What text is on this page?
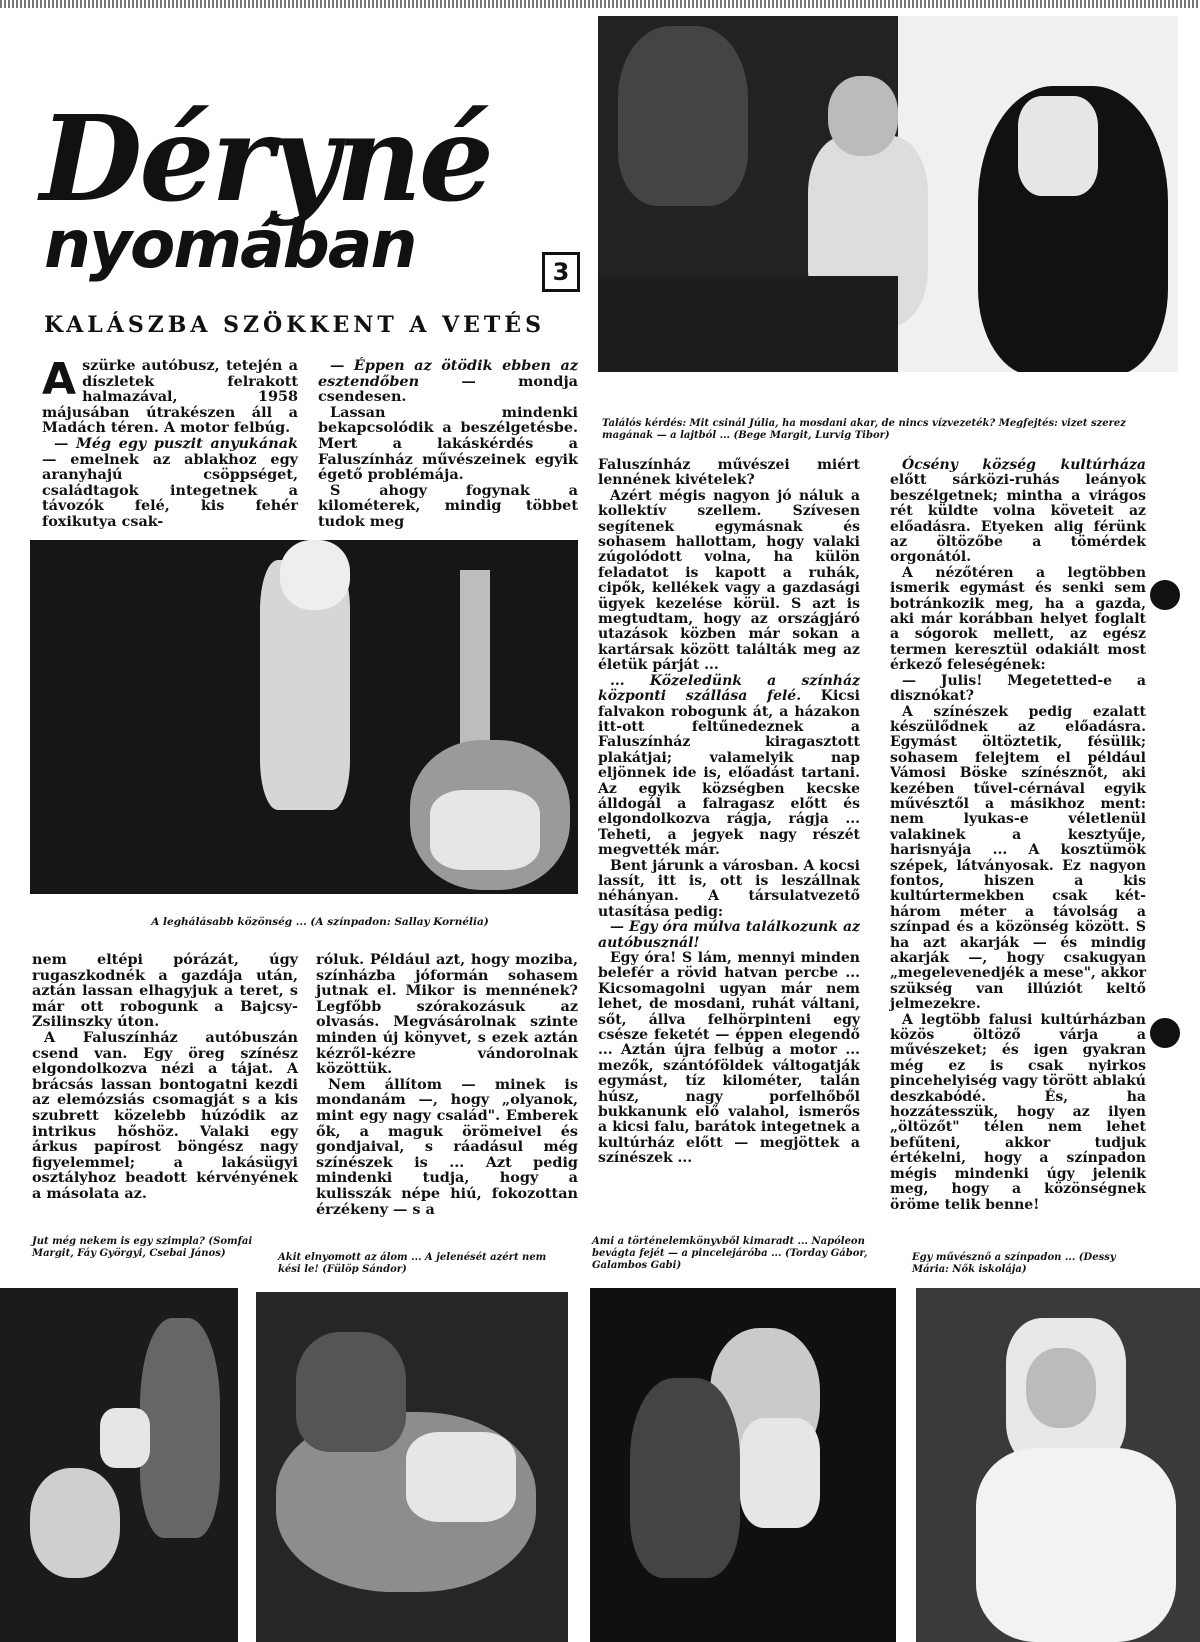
Déryné
nyomában	3
KALÁSZBA SZÖKKENT A VETÉS
Találós kérdés: Mit csinál Júlia, ha mosdani akar, de nincs vízvezeték? Megfejtés: vizet szerez magának — a lajtból ... (Bege Margit, Lurvig Tibor)

Aszürke autóbusz, tetején a díszletek felrakott halmazával, 1958 májusában útrakészen áll a Madách téren. A motor felbúg.

— Még egy puszit anyukának — emelnek az ablakhoz egy aranyhajú csöppséget, családtagok integetnek a távozók felé, kis fehér foxikutya csak-

— Éppen az ötödik ebben az esztendőben	— mondja csendesen.

Lassan mindenki bekapcsolódik a beszélgetésbe. Mert a lakáskérdés a Faluszínház művészeinek egyik égető problémája.

S ahogy fogynak a kilométerek, mindig többet tudok meg

A leghálásabb közönség ... (A színpadon: Sallay Kornélia)

nem eltépi pórázát, úgy rugaszkodnék a gazdája után, aztán lassan elhagyjuk a teret, s már ott robogunk a Bajcsy-Zsilinszky úton.

A Faluszínház autóbuszán csend van. Egy öreg színész elgondolkozva nézi a tájat. A brácsás lassan bontogatni kezdi az elemózsiás csomagját s a kis szubrett közelebb húzódik az intrikus hőshöz. Valaki egy árkus papírost böngész nagy figyelemmel; a lakásügyi osztályhoz beadott kérvényének a másolata az.

róluk. Például azt, hogy moziba, színházba jóformán sohasem jutnak el. Mikor is mennének? Legfőbb szórakozásuk az olvasás. Megvásárolnak szinte minden új könyvet, s ezek aztán kézről-kézre vándorolnak közöttük.

Nem állítom — minek is mondanám —, hogy „olyanok, mint egy nagy család". Emberek ők, a maguk örömeivel és gondjaival, s ráadásul még színészek is ... Azt pedig mindenki tudja, hogy a kulisszák népe hiú, fokozottan érzékeny — s a

Faluszínház művészei miért lennének kivételek?

Azért mégis nagyon jó náluk a kollektív szellem. Szívesen segítenek egymásnak és sohasem hallottam, hogy valaki zúgolódott volna, ha külön feladatot is kapott a ruhák, cipők, kellékek vagy a gazdasági ügyek kezelése körül. S azt is megtudtam, hogy az országjáró utazások közben már sokan a kartársak között találták meg az életük párját ...

... Közeledünk a színház központi szállása felé. Kicsi falvakon robogunk át, a házakon itt-ott feltűnedeznek a Faluszínház kiragasztott plakátjai; valamelyik nap eljönnek ide is, előadást tartani. Az egyik községben kecske álldogál a falragasz előtt és elgondolkozva rágja, rágja ... Teheti, a jegyek nagy részét megvették már.

Bent járunk a városban. A kocsi lassít, itt is, ott is leszállnak néhányan. A társulatvezető utasítása pedig:

— Egy óra múlva találkozunk az autóbusznál!

Egy óra! S lám, mennyi minden belefér a rövid hatvan percbe ... Kicsomagolni ugyan már nem lehet, de mosdani, ruhát váltani, sőt, állva felhörpinteni egy csésze feketét — éppen elegendő ... Aztán újra felbúg a motor ... mezők, szántóföldek váltogatják egymást, tíz kilométer, talán húsz, nagy porfelhőből bukkanunk elő valahol, ismerős a kicsi falu, barátok integetnek a kultúrház előtt — megjöttek a színészek ...

Ócsény község kultúrháza előtt sárközi-ruhás leányok beszélgetnek; mintha a virágos rét küldte volna követeit az előadásra. Etyeken alig férünk az öltözőbe a tömérdek orgonától.

A nézőtéren a legtöbben ismerik egymást és senki sem botránkozik meg, ha a gazda, aki már korábban helyet foglalt a sógorok mellett, az egész termen keresztül odakiált most érkező feleségének:

— Julis! Megetetted-e a disznókat?

A színészek pedig ezalatt készülődnek az előadásra. Egymást öltöztetik, fésülik; sohasem felejtem el például Vámosi Böske színésznőt, aki kezében tűvel-cérnával egyik művésztől a másikhoz ment: nem lyukas-e véletlenül valakinek a kesztyűje, harisnyája ... A kosztümök szépek, látványosak. Ez nagyon fontos, hiszen a kis kultúrtermekben csak két-három méter a távolság a színpad és a közönség között. S ha azt akarják — és mindig akarják —, hogy csakugyan „megelevenedjék a mese", akkor szükség van illúziót keltő jelmezekre.

A legtöbb falusi kultúrházban közös öltöző várja a művészeket; és igen gyakran még ez is csak nyirkos pincehelyiség vagy törött ablakú deszkabódé. És, ha hozzátesszük, hogy az ilyen „öltözőt" télen nem lehet befűteni, akkor tudjuk értékelni, hogy a színpadon mégis mindenki úgy jelenik meg, hogy a közönségnek öröme telik benne!

Jut még nekem is egy szimpla? (Somfai Margit, Fáy Györgyi, Csebai János)	Akit elnyomott az álom ... A jelenését azért nem kési le! (Fülöp Sándor)
Ami a történelemkönyvből kimaradt ... Napóleon bevágta fejét — a pincelejáróba ... (Torday Gábor, Galambos Gabi)
Egy művésznő a színpadon ... (Dessy Mária: Nők iskolája)
